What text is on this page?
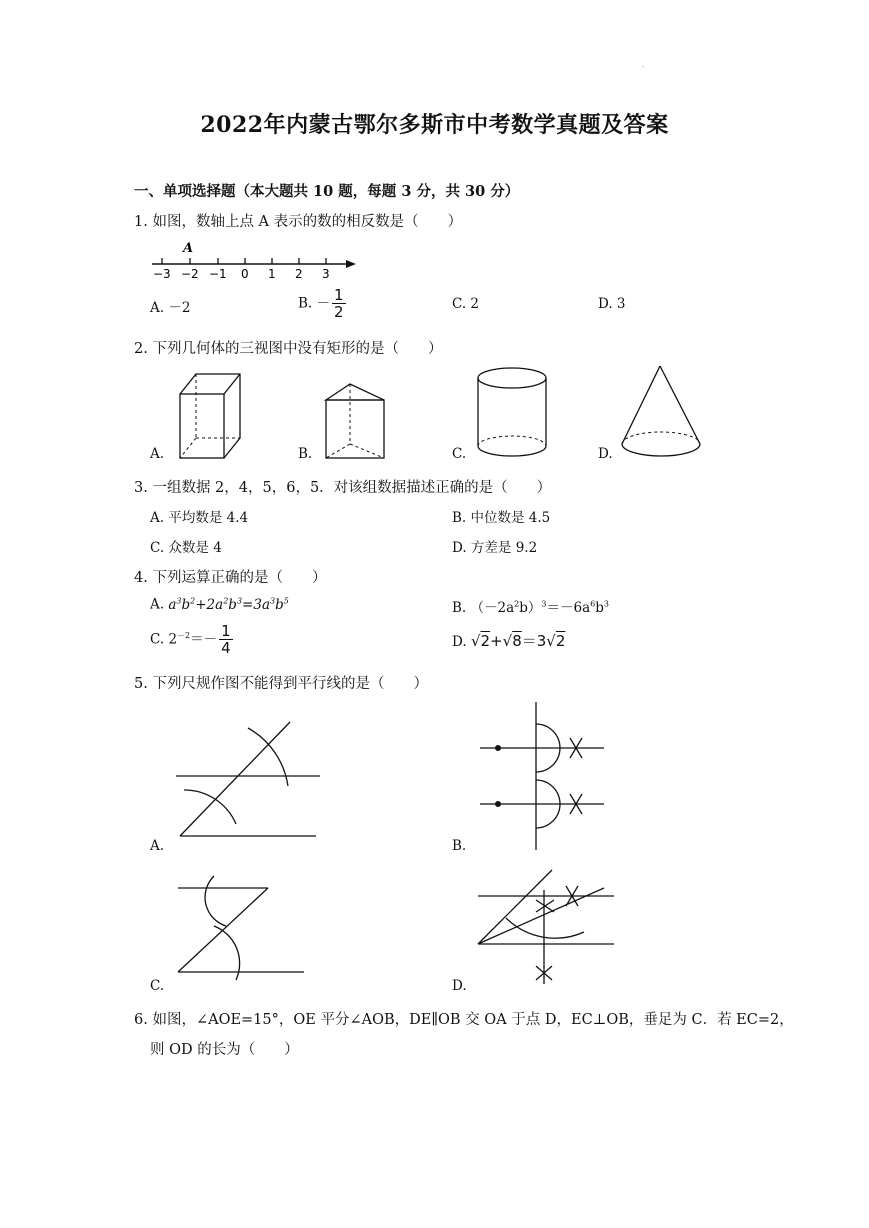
.
2022年内蒙古鄂尔多斯市中考数学真题及答案
一、单项选择题（本大题共 10 题，每题 3 分，共 30 分）
1. 如图，数轴上点 A 表示的数的相反数是（　　）
A
−3 −2 −1 0 1 2 3
A. －2	B. － $\frac{1}{2}$	C. 2	D. 3
2. 下列几何体的三视图中没有矩形的是（　　）
A.	B.	C.	D.
3. 一组数据 2，4，5，6，5．对该组数据描述正确的是（　　）
A. 平均数是 4.4	B. 中位数是 4.5
C. 众数是 4	D. 方差是 9.2
4. 下列运算正确的是（　　）
A. $a^3b^2+2a^2b^3=3a^3b^5$	B. $(-2a^2b)^3=-6a^6b^3$
C. $2^{-2}=- \frac{1}{4}$	D. √2+√8＝3√2
5. 下列尺规作图不能得到平行线的是（　　）
A.	B.
C.	D.
6. 如图，∠AOE=15°，OE 平分∠AOB，DE∥OB 交 OA 于点 D，EC⊥OB，垂足为 C．若 EC=2，
则 OD 的长为（　　）
